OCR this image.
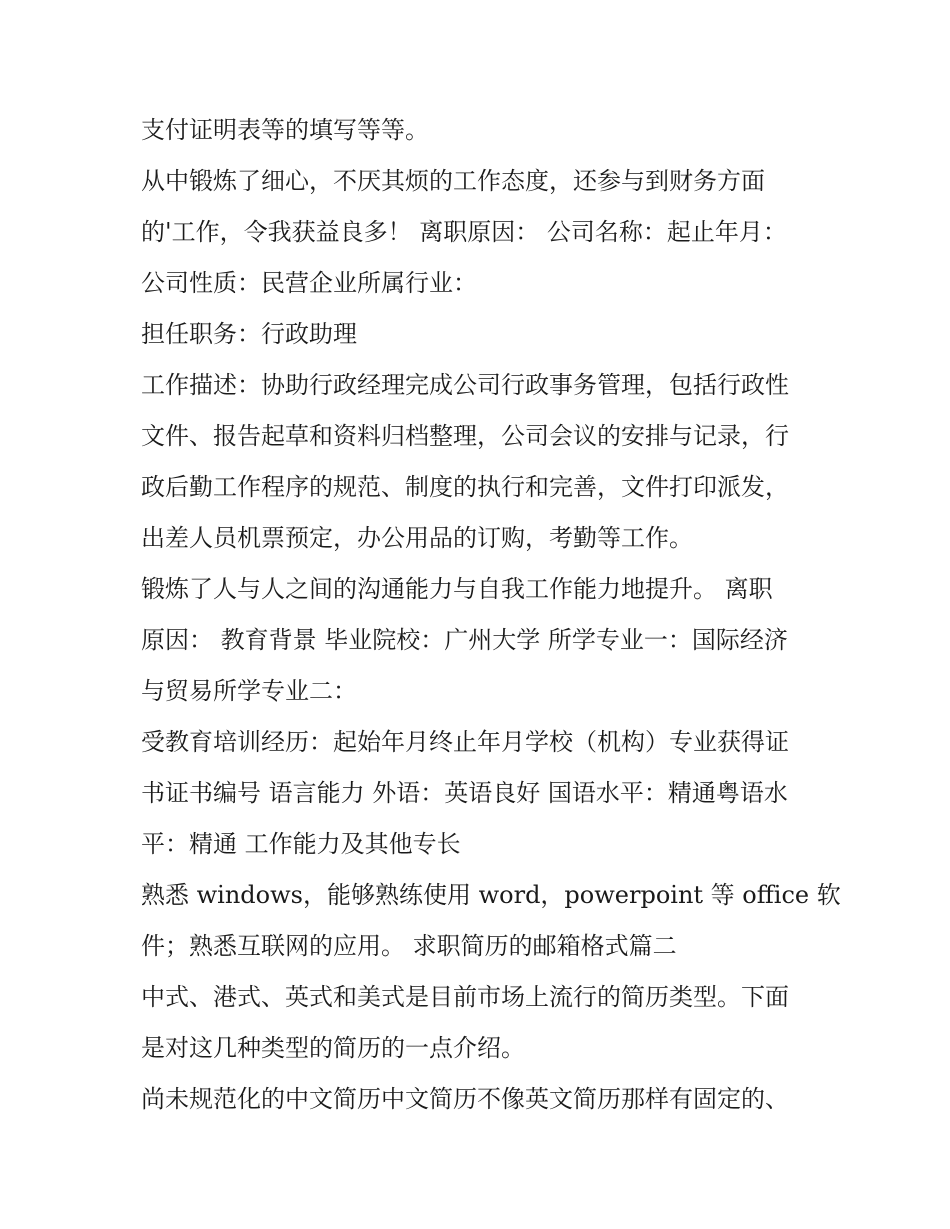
支付证明表等的填写等等。

从中锻炼了细心，不厌其烦的工作态度，还参与到财务方面
的'工作，令我获益良多！ 离职原因： 公司名称：起止年月：

公司性质：民营企业所属行业：

担任职务：行政助理

工作描述：协助行政经理完成公司行政事务管理，包括行政性
文件、报告起草和资料归档整理，公司会议的安排与记录，行
政后勤工作程序的规范、制度的执行和完善，文件打印派发，
出差人员机票预定，办公用品的订购，考勤等工作。

锻炼了人与人之间的沟通能力与自我工作能力地提升。 离职
原因： 教育背景 毕业院校：广州大学 所学专业一：国际经济
与贸易所学专业二：

受教育培训经历：起始年月终止年月学校（机构）专业获得证
书证书编号 语言能力 外语：英语良好 国语水平：精通粤语水
平：精通 工作能力及其他专长

熟悉 windows，能够熟练使用 word，powerpoint 等 office 软
件；熟悉互联网的应用。 求职简历的邮箱格式篇二

中式、港式、英式和美式是目前市场上流行的简历类型。下面
是对这几种类型的简历的一点介绍。

尚未规范化的中文简历中文简历不像英文简历那样有固定的、
